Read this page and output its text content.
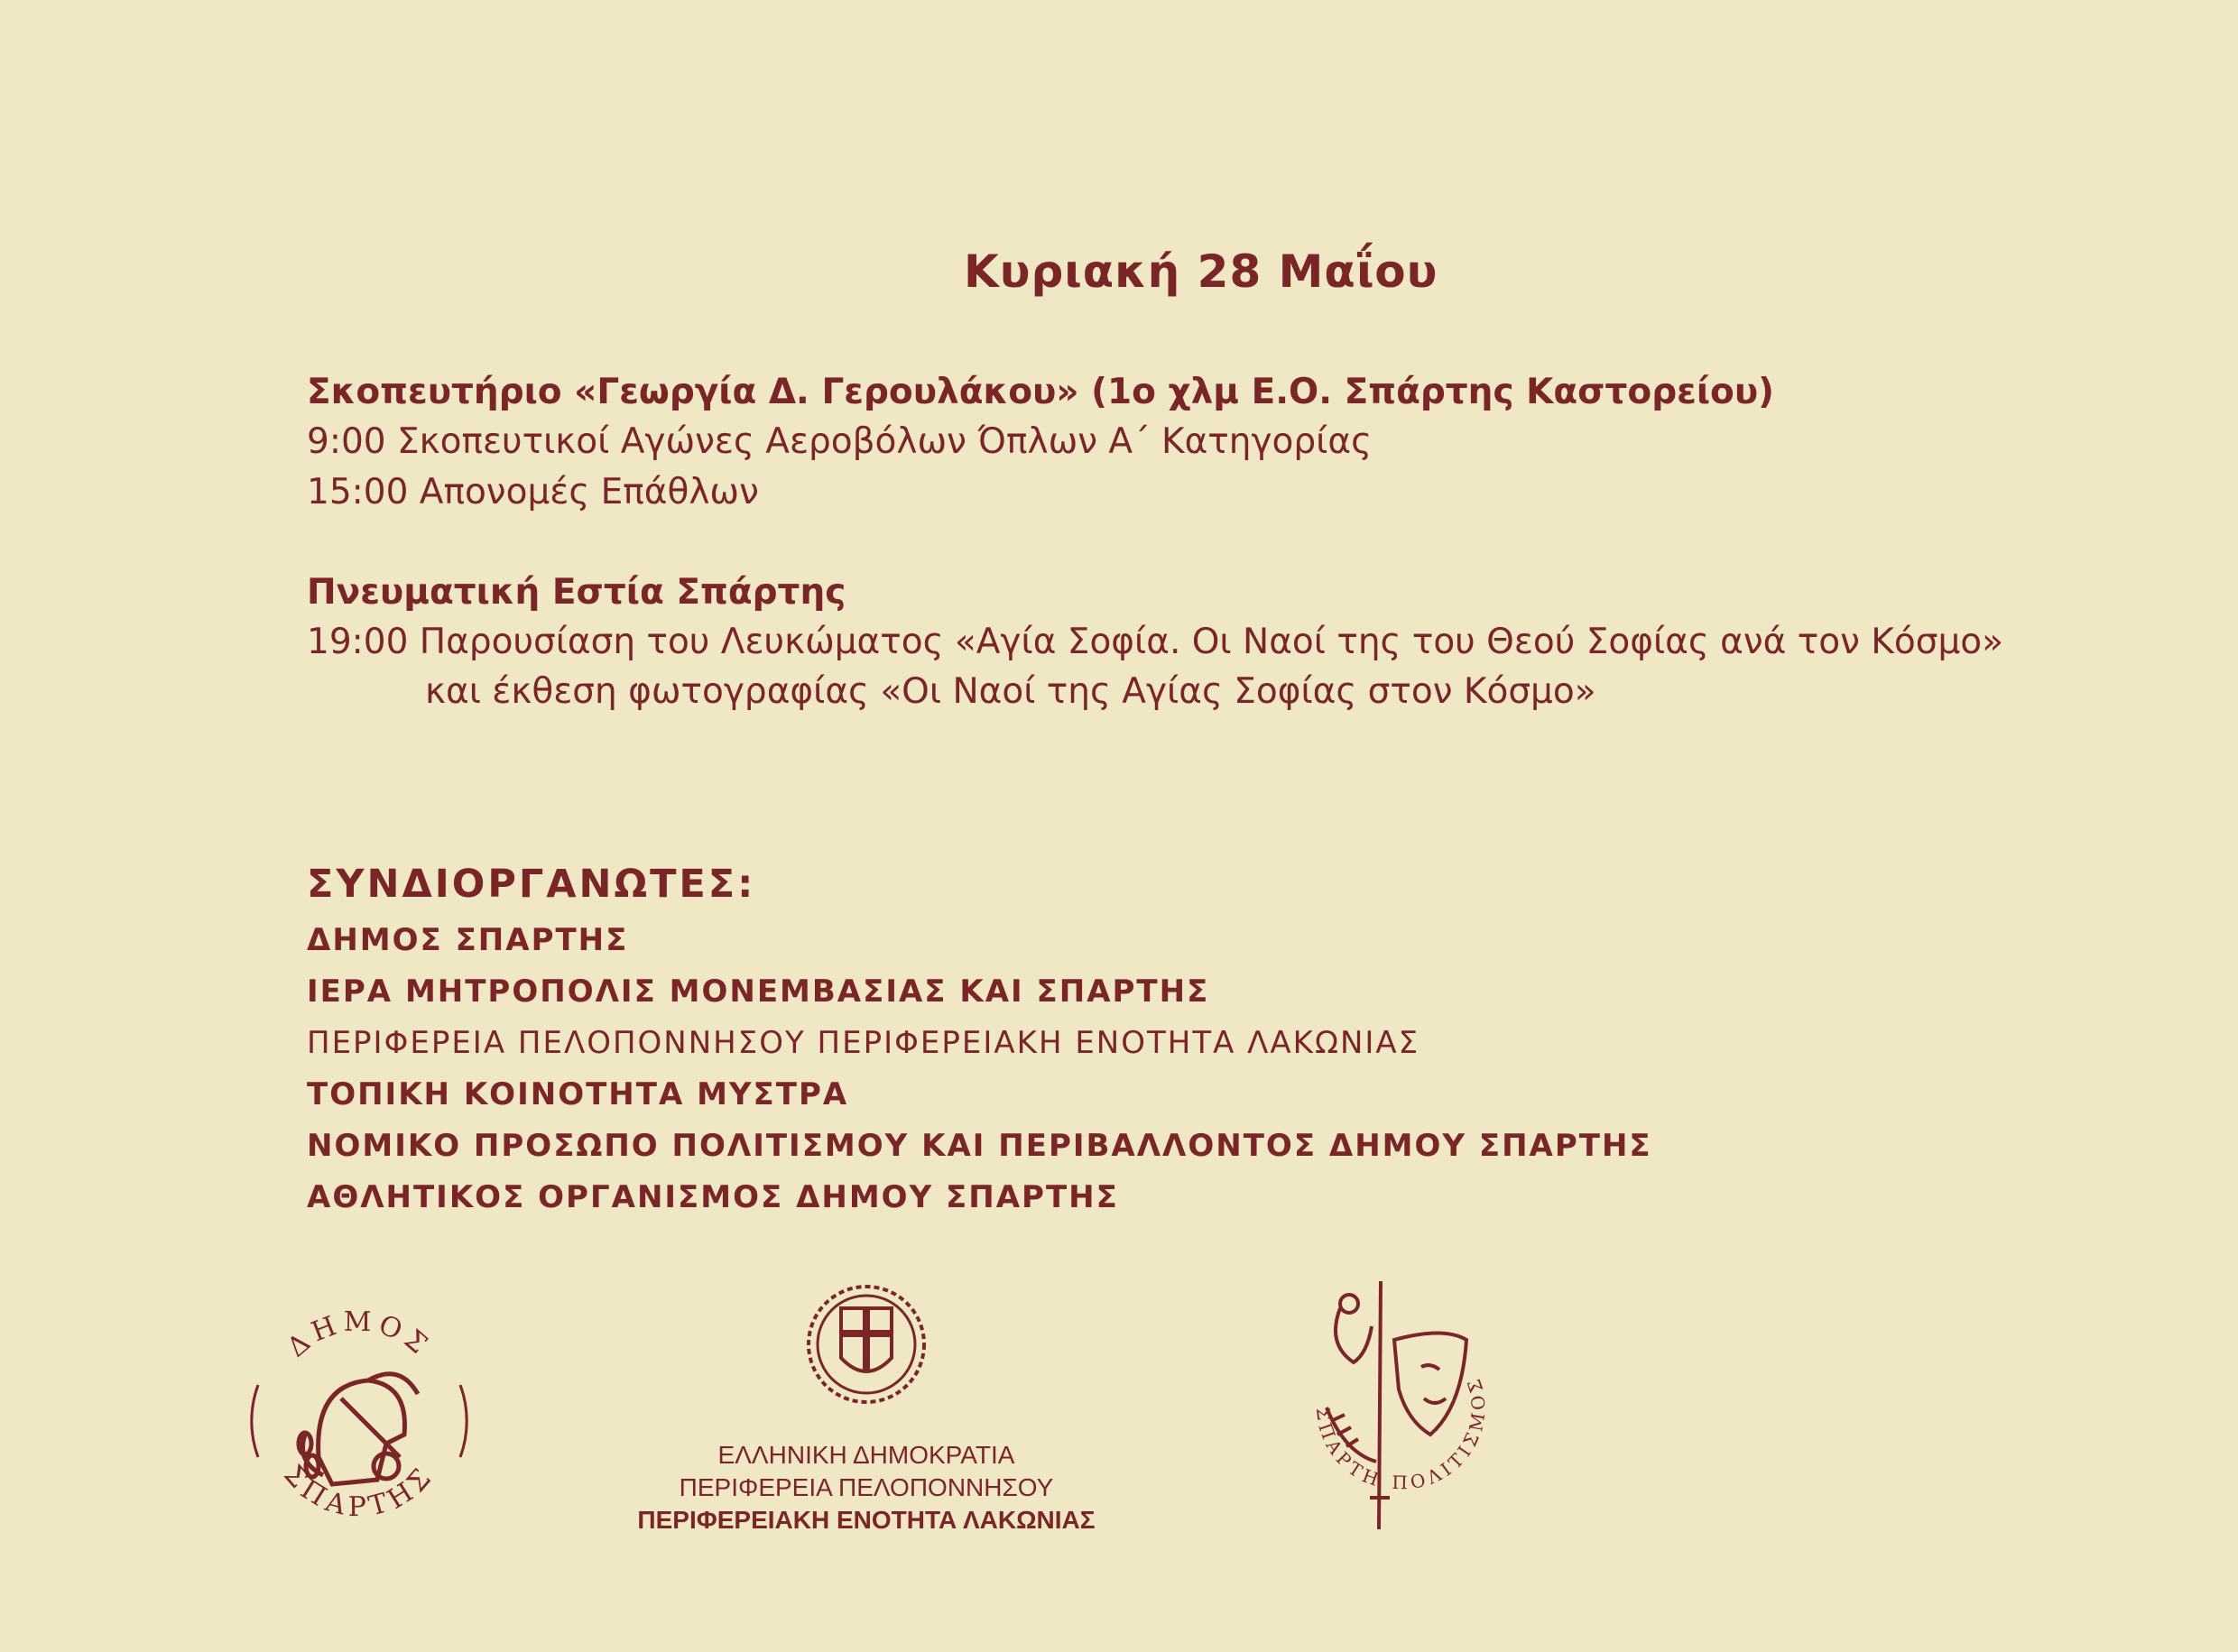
Κυριακή 28 Μαΐου
Σκοπευτήριο «Γεωργία Δ. Γερουλάκου» (1ο χλμ Ε.Ο. Σπάρτης Καστορείου)
9:00 Σκοπευτικοί Αγώνες Αεροβόλων Όπλων Α΄ Κατηγορίας
15:00 Απονομές Επάθλων
Πνευματική Εστία Σπάρτης
19:00 Παρουσίαση του Λευκώματος «Αγία Σοφία. Οι Ναοί της του Θεού Σοφίας ανά τον Κόσμο»
και έκθεση φωτογραφίας «Οι Ναοί της Αγίας Σοφίας στον Κόσμο»
ΣΥΝΔΙΟΡΓΑΝΩΤΕΣ:
ΔΗΜΟΣ ΣΠΑΡΤΗΣ
ΙΕΡΑ ΜΗΤΡΟΠΟΛΙΣ ΜΟΝΕΜΒΑΣΙΑΣ ΚΑΙ ΣΠΑΡΤΗΣ
ΠΕΡΙΦΕΡΕΙΑ ΠΕΛΟΠΟΝΝΗΣΟΥ ΠΕΡΙΦΕΡΕΙΑΚΗ ΕΝΟΤΗΤΑ ΛΑΚΩΝΙΑΣ
ΤΟΠΙΚΗ ΚΟΙΝΟΤΗΤΑ ΜΥΣΤΡΑ
ΝΟΜΙΚΟ ΠΡΟΣΩΠΟ ΠΟΛΙΤΙΣΜΟΥ ΚΑΙ ΠΕΡΙΒΑΛΛΟΝΤΟΣ ΔΗΜΟΥ ΣΠΑΡΤΗΣ
ΑΘΛΗΤΙΚΟΣ ΟΡΓΑΝΙΣΜΟΣ ΔΗΜΟΥ ΣΠΑΡΤΗΣ
ΔΗΜΟΣ
ΣΠΑΡΤΗΣ
ΕΛΛΗΝΙΚΗ ΔΗΜΟΚΡΑΤΙΑ
ΠΕΡΙΦΕΡΕΙΑ ΠΕΛΟΠΟΝΝΗΣΟΥ
ΠΕΡΙΦΕΡΕΙΑΚΗ ΕΝΟΤΗΤΑ ΛΑΚΩΝΙΑΣ
ΣΠΑΡΤΗ ΠΟΛΙΤΙΣΜΟΣ
